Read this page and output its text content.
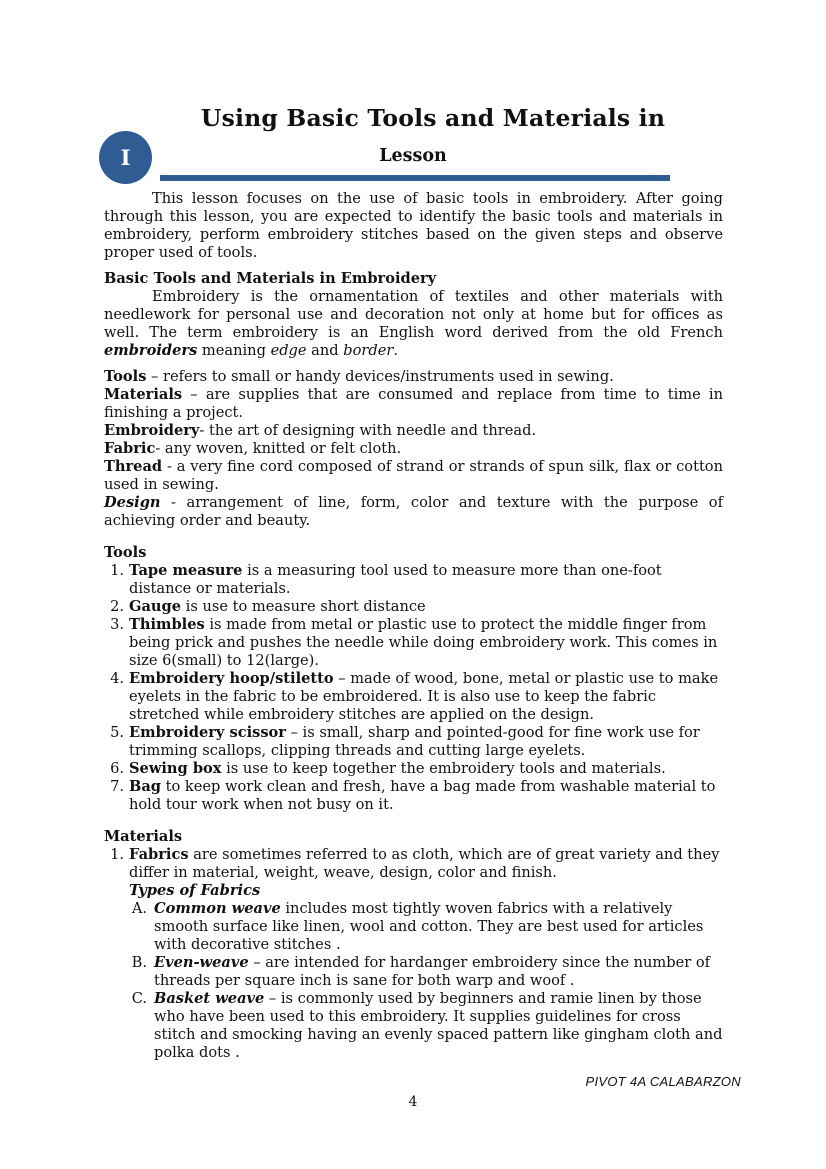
Using Basic Tools and Materials in
I	Lesson

This lesson focuses on the use of basic tools in embroidery. After going through this lesson, you are expected to identify the basic tools and materials in embroidery, perform embroidery stitches based on the given steps and observe proper used of tools.

Basic Tools and Materials in Embroidery

Embroidery is the ornamentation of textiles and other materials with needlework for personal use and decoration not only at home but for offices as well. The term embroidery is an English word derived from the old French embroiders meaning edge and border.

Tools – refers to small or handy devices/instruments used in sewing.

Materials – are supplies that are consumed and replace from time to time in finishing a project.

Embroidery- the art of designing with needle and thread.

Fabric- any woven, knitted or felt cloth.

Thread - a very fine cord composed of strand or strands of spun silk, flax or cotton used in sewing.

Design - arrangement of line, form, color and texture with the purpose of achieving order and beauty.

Tools

1. Tape measure is a measuring tool used to measure more than one-foot distance or materials.
2. Gauge is use to measure short distance
3. Thimbles is made from metal or plastic use to protect the middle finger from being prick and pushes the needle while doing embroidery work. This comes in size 6(small) to 12(large).
4. Embroidery hoop/stiletto – made of wood, bone, metal or plastic use to make eyelets in the fabric to be embroidered. It is also use to keep the fabric stretched while embroidery stitches are applied on the design.
5. Embroidery scissor – is small, sharp and pointed-good for fine work use for trimming scallops, clipping threads and cutting large eyelets.
6. Sewing box is use to keep together the embroidery tools and materials.
7. Bag to keep work clean and fresh, have a bag made from washable material to hold tour work when not busy on it.

Materials

1. Fabrics are sometimes referred to as cloth, which are of great variety and they differ in material, weight, weave, design, color and finish.
Types of Fabrics
A. Common weave includes most tightly woven fabrics with a relatively smooth surface like linen, wool and cotton. They are best used for articles with decorative stitches .
B. Even-weave – are intended for hardanger embroidery since the number of threads per square inch is sane for both warp and woof .
C. Basket weave – is commonly used by beginners and ramie linen by those who have been used to this embroidery. It supplies guidelines for cross stitch and smocking having an evenly spaced pattern like gingham cloth and polka dots .
PIVOT 4A CALABARZON
4
